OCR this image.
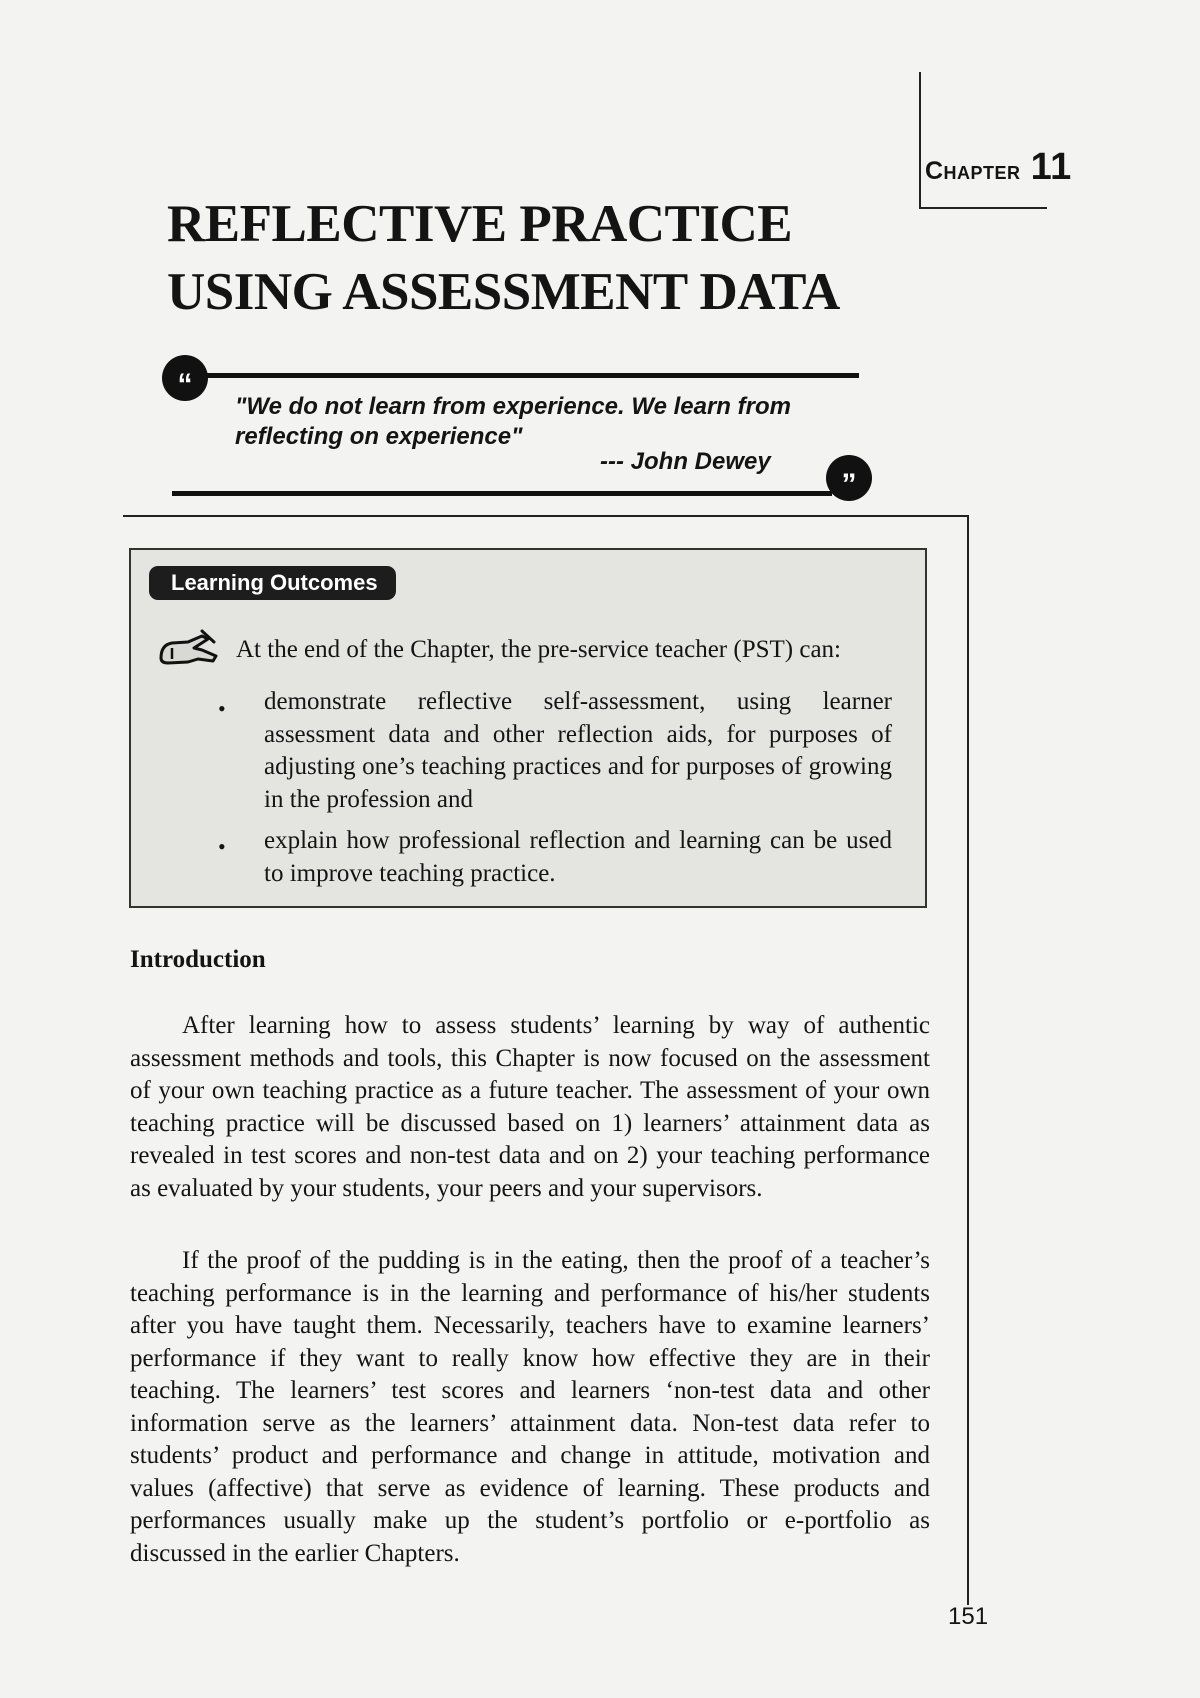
Chapter 11
REFLECTIVE PRACTICE USING ASSESSMENT DATA
“

"We do not learn from experience. We learn from reflecting on experience"

--- John Dewey
”
Learning Outcomes
At the end of the Chapter, the pre-service teacher (PST) can:
• demonstrate reflective self-assessment, using learner assessment data and other reflection aids, for purposes of adjusting one’s teaching practices and for purposes of growing in the profession and

• explain how professional reflection and learning can be used to improve teaching practice.

Introduction

After learning how to assess students’ learning by way of authentic assessment methods and tools, this Chapter is now focused on the assessment of your own teaching practice as a future teacher. The assessment of your own teaching practice will be discussed based on 1) learners’ attainment data as revealed in test scores and non-test data and on 2) your teaching performance as evaluated by your students, your peers and your supervisors.

If the proof of the pudding is in the eating, then the proof of a teacher’s teaching performance is in the learning and performance of his/her students after you have taught them. Necessarily, teachers have to examine learners’ performance if they want to really know how effective they are in their teaching. The learners’ test scores and learners ‘non-test data and other information serve as the learners’ attainment data. Non-test data refer to students’ product and performance and change in attitude, motivation and values (affective) that serve as evidence of learning. These products and performances usually make up the student’s portfolio or e-portfolio as discussed in the earlier Chapters.

151
